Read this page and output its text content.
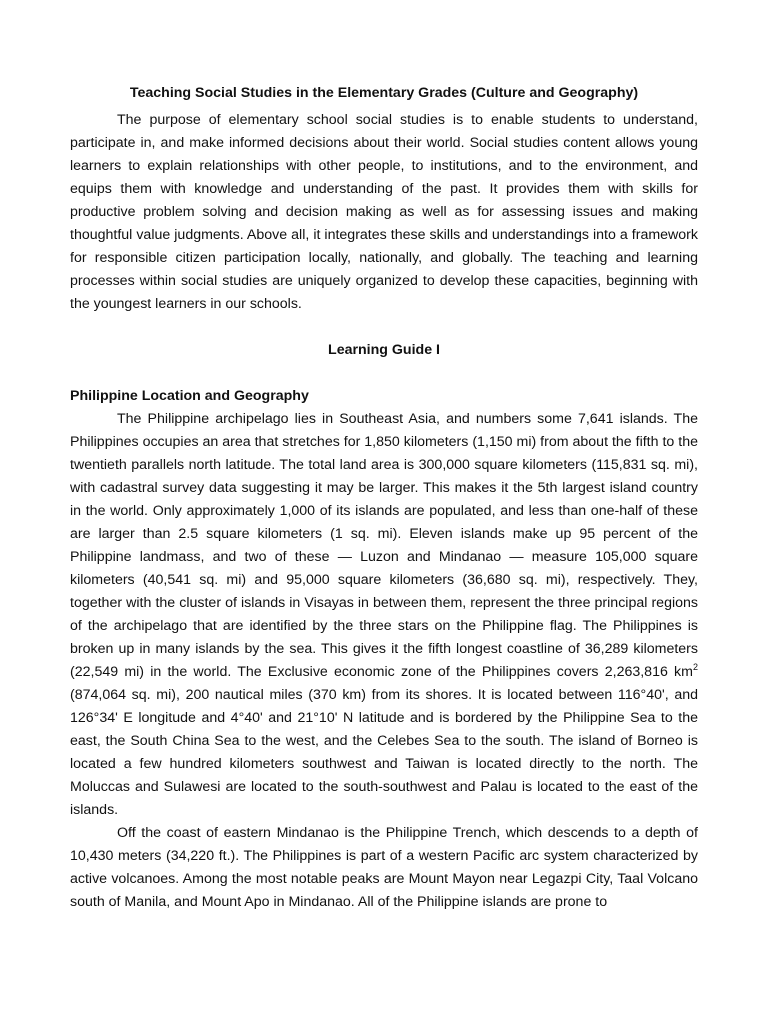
Teaching Social Studies in the Elementary Grades (Culture and Geography)

The purpose of elementary school social studies is to enable students to understand, participate in, and make informed decisions about their world. Social studies content allows young learners to explain relationships with other people, to institutions, and to the environment, and equips them with knowledge and understanding of the past. It provides them with skills for productive problem solving and decision making as well as for assessing issues and making thoughtful value judgments. Above all, it integrates these skills and understandings into a framework for responsible citizen participation locally, nationally, and globally. The teaching and learning processes within social studies are uniquely organized to develop these capacities, beginning with the youngest learners in our schools.

Learning Guide I

Philippine Location and Geography

The Philippine archipelago lies in Southeast Asia, and numbers some 7,641 islands. The Philippines occupies an area that stretches for 1,850 kilometers (1,150 mi) from about the fifth to the twentieth parallels north latitude. The total land area is 300,000 square kilometers (115,831 sq. mi), with cadastral survey data suggesting it may be larger. This makes it the 5th largest island country in the world. Only approximately 1,000 of its islands are populated, and less than one-half of these are larger than 2.5 square kilometers (1 sq. mi). Eleven islands make up 95 percent of the Philippine landmass, and two of these — Luzon and Mindanao — measure 105,000 square kilometers (40,541 sq. mi) and 95,000 square kilometers (36,680 sq. mi), respectively. They, together with the cluster of islands in Visayas in between them, represent the three principal regions of the archipelago that are identified by the three stars on the Philippine flag. The Philippines is broken up in many islands by the sea. This gives it the fifth longest coastline of 36,289 kilometers (22,549 mi) in the world. The Exclusive economic zone of the Philippines covers 2,263,816 $km^2$ (874,064 sq. mi), 200 nautical miles (370 km) from its shores. It is located between 116°40', and 126°34' E longitude and 4°40' and 21°10' N latitude and is bordered by the Philippine Sea to the east, the South China Sea to the west, and the Celebes Sea to the south. The island of Borneo is located a few hundred kilometers southwest and Taiwan is located directly to the north. The Moluccas and Sulawesi are located to the south-southwest and Palau is located to the east of the islands.

Off the coast of eastern Mindanao is the Philippine Trench, which descends to a depth of 10,430 meters (34,220 ft.). The Philippines is part of a western Pacific arc system characterized by active volcanoes. Among the most notable peaks are Mount Mayon near Legazpi City, Taal Volcano south of Manila, and Mount Apo in Mindanao. All of the Philippine islands are prone to
